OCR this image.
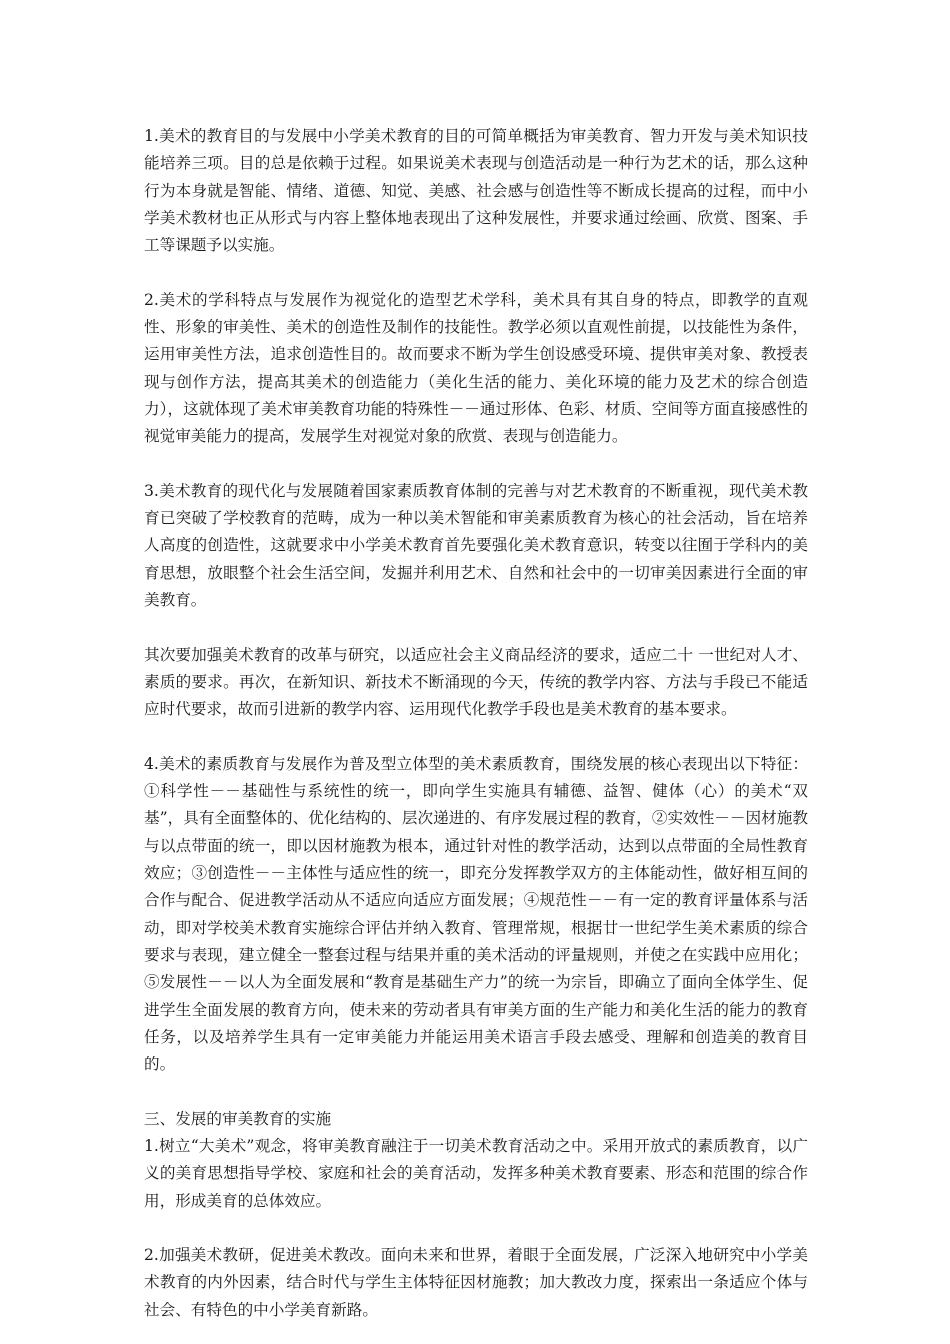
1.美术的教育目的与发展中小学美术教育的目的可简单概括为审美教育、智力开发与美术知识技能培养三项。目的总是依赖于过程。如果说美术表现与创造活动是一种行为艺术的话，那么这种行为本身就是智能、情绪、道德、知觉、美感、社会感与创造性等不断成长提高的过程，而中小学美术教材也正从形式与内容上整体地表现出了这种发展性，并要求通过绘画、欣赏、图案、手工等课题予以实施。

2.美术的学科特点与发展作为视觉化的造型艺术学科，美术具有其自身的特点，即教学的直观性、形象的审美性、美术的创造性及制作的技能性。教学必须以直观性前提，以技能性为条件，运用审美性方法，追求创造性目的。故而要求不断为学生创设感受环境、提供审美对象、教授表现与创作方法，提高其美术的创造能力（美化生活的能力、美化环境的能力及艺术的综合创造力），这就体现了美术审美教育功能的特殊性－－通过形体、色彩、材质、空间等方面直接感性的视觉审美能力的提高，发展学生对视觉对象的欣赏、表现与创造能力。

3.美术教育的现代化与发展随着国家素质教育体制的完善与对艺术教育的不断重视，现代美术教育已突破了学校教育的范畴，成为一种以美术智能和审美素质教育为核心的社会活动，旨在培养人高度的创造性，这就要求中小学美术教育首先要强化美术教育意识，转变以往囿于学科内的美育思想，放眼整个社会生活空间，发掘并利用艺术、自然和社会中的一切审美因素进行全面的审美教育。

其次要加强美术教育的改革与研究，以适应社会主义商品经济的要求，适应二十 一世纪对人才、素质的要求。再次，在新知识、新技术不断涌现的今天，传统的教学内容、方法与手段已不能适应时代要求，故而引进新的教学内容、运用现代化教学手段也是美术教育的基本要求。

4.美术的素质教育与发展作为普及型立体型的美术素质教育，围绕发展的核心表现出以下特征：①科学性－－基础性与系统性的统一，即向学生实施具有辅德、益智、健体（心）的美术“双基”，具有全面整体的、优化结构的、层次递进的、有序发展过程的教育，②实效性－－因材施教与以点带面的统一，即以因材施教为根本，通过针对性的教学活动，达到以点带面的全局性教育效应；③创造性－－主体性与适应性的统一，即充分发挥教学双方的主体能动性，做好相互间的合作与配合、促进教学活动从不适应向适应方面发展；④规范性－－有一定的教育评量体系与活动，即对学校美术教育实施综合评估并纳入教育、管理常规，根据廿一世纪学生美术素质的综合要求与表现，建立健全一整套过程与结果并重的美术活动的评量规则，并使之在实践中应用化；⑤发展性－－以人为全面发展和“教育是基础生产力”的统一为宗旨，即确立了面向全体学生、促进学生全面发展的教育方向，使未来的劳动者具有审美方面的生产能力和美化生活的能力的教育任务，以及培养学生具有一定审美能力并能运用美术语言手段去感受、理解和创造美的教育目的。

三、发展的审美教育的实施

1.树立“大美术”观念，将审美教育融注于一切美术教育活动之中。采用开放式的素质教育，以广义的美育思想指导学校、家庭和社会的美育活动，发挥多种美术教育要素、形态和范围的综合作用，形成美育的总体效应。

2.加强美术教研，促进美术教改。面向未来和世界，着眼于全面发展，广泛深入地研究中小学美术教育的内外因素，结合时代与学生主体特征因材施教；加大教改力度，探索出一条适应个体与社会、有特色的中小学美育新路。
